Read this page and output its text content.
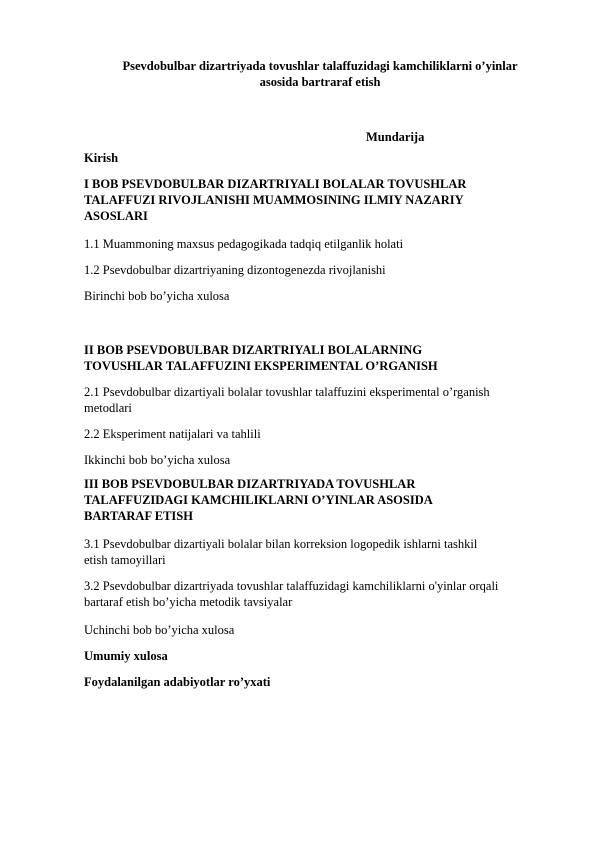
Psevdobulbar dizartriyada tovushlar talaffuzidagi kamchiliklarni o’yinlar
asosida bartraraf etish
Mundarija
Kirish
I BOB PSEVDOBULBAR DIZARTRIYALI BOLALAR TOVUSHLAR
TALAFFUZI RIVOJLANISHI MUAMMOSINING ILMIY NAZARIY
ASOSLARI
1.1 Muammoning maxsus pedagogikada tadqiq etilganlik holati
1.2 Psevdobulbar dizartriyaning dizontogenezda rivojlanishi
Birinchi bob bo’yicha xulosa
II BOB PSEVDOBULBAR DIZARTRIYALI BOLALARNING
TOVUSHLAR TALAFFUZINI EKSPERIMENTAL O’RGANISH
2.1 Psevdobulbar dizartiyali bolalar tovushlar talaffuzini eksperimental o’rganish
metodlari
2.2 Eksperiment natijalari va tahlili
Ikkinchi bob bo’yicha xulosa
III BOB PSEVDOBULBAR DIZARTRIYADA TOVUSHLAR
TALAFFUZIDAGI KAMCHILIKLARNI O’YINLAR ASOSIDA
BARTARAF ETISH
3.1 Psevdobulbar dizartiyali bolalar bilan korreksion logopedik ishlarni tashkil
etish tamoyillari
3.2 Psevdobulbar dizartriyada tovushlar talaffuzidagi kamchiliklarni o'yinlar orqali
bartaraf etish bo’yicha metodik tavsiyalar
Uchinchi bob bo’yicha xulosa
Umumiy xulosa
Foydalanilgan adabiyotlar ro’yxati
